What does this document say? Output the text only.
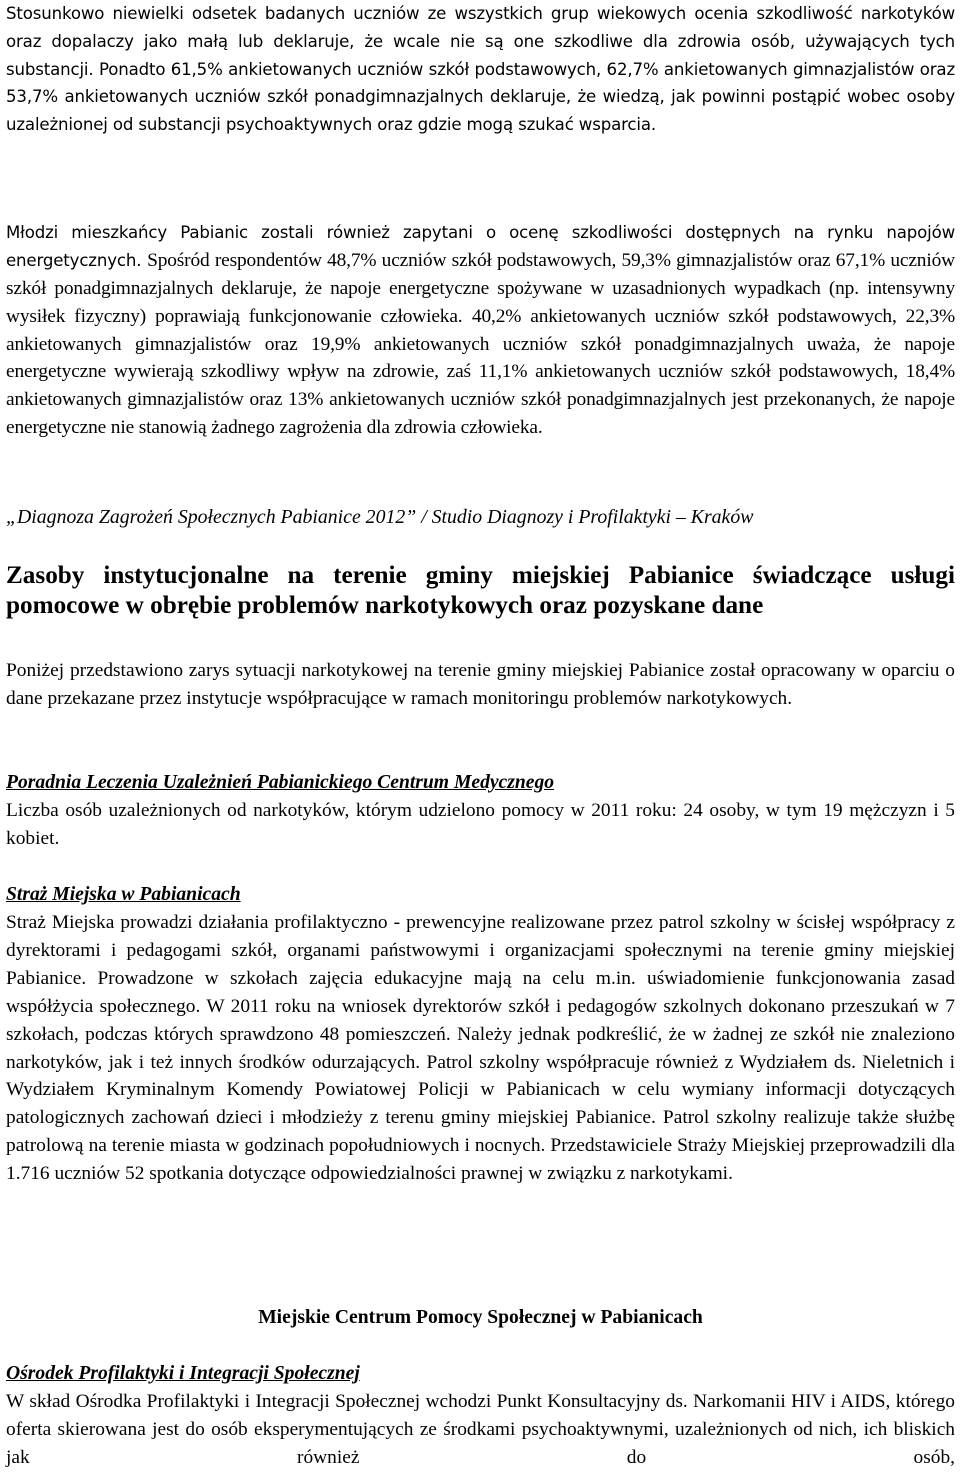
Stosunkowo niewielki odsetek badanych uczniów ze wszystkich grup wiekowych ocenia szkodliwość narkotyków oraz dopalaczy jako małą lub deklaruje, że wcale nie są one szkodliwe dla zdrowia osób, używających tych substancji. Ponadto 61,5% ankietowanych uczniów szkół podstawowych, 62,7% ankietowanych gimnazjalistów oraz 53,7% ankietowanych uczniów szkół ponadgimnazjalnych deklaruje, że wiedzą, jak powinni postąpić wobec osoby uzależnionej od substancji psychoaktywnych oraz gdzie mogą szukać wsparcia.

Młodzi mieszkańcy Pabianic zostali również zapytani o ocenę szkodliwości dostępnych na rynku napojów energetycznych. Spośród respondentów 48,7% uczniów szkół podstawowych, 59,3% gimnazjalistów oraz 67,1% uczniów szkół ponadgimnazjalnych deklaruje, że napoje energetyczne spożywane w uzasadnionych wypadkach (np. intensywny wysiłek fizyczny) poprawiają funkcjonowanie człowieka. 40,2% ankietowanych uczniów szkół podstawowych, 22,3% ankietowanych gimnazjalistów oraz 19,9% ankietowanych uczniów szkół ponadgimnazjalnych uważa, że napoje energetyczne wywierają szkodliwy wpływ na zdrowie, zaś 11,1% ankietowanych uczniów szkół podstawowych, 18,4% ankietowanych gimnazjalistów oraz 13% ankietowanych uczniów szkół ponadgimnazjalnych jest przekonanych, że napoje energetyczne nie stanowią żadnego zagrożenia dla zdrowia człowieka.

„Diagnoza Zagrożeń Społecznych Pabianice 2012” / Studio Diagnozy i Profilaktyki – Kraków

Zasoby instytucjonalne na terenie gminy miejskiej Pabianice świadczące usługi pomocowe w obrębie problemów narkotykowych oraz pozyskane dane

Poniżej przedstawiono zarys sytuacji narkotykowej na terenie gminy miejskiej Pabianice został opracowany w oparciu o dane przekazane przez instytucje współpracujące w ramach monitoringu problemów narkotykowych.

Poradnia Leczenia Uzależnień Pabianickiego Centrum Medycznego

Liczba osób uzależnionych od narkotyków, którym udzielono pomocy w 2011 roku: 24 osoby, w tym 19 mężczyzn i 5 kobiet.

Straż Miejska w Pabianicach

Straż Miejska prowadzi działania profilaktyczno - prewencyjne realizowane przez patrol szkolny w ścisłej współpracy z dyrektorami i pedagogami szkół, organami państwowymi i organizacjami społecznymi na terenie gminy miejskiej Pabianice. Prowadzone w szkołach zajęcia edukacyjne mają na celu m.in. uświadomienie funkcjonowania zasad współżycia społecznego. W 2011 roku na wniosek dyrektorów szkół i pedagogów szkolnych dokonano przeszukań w 7 szkołach, podczas których sprawdzono 48 pomieszczeń. Należy jednak podkreślić, że w żadnej ze szkół nie znaleziono narkotyków, jak i też innych środków odurzających. Patrol szkolny współpracuje również z Wydziałem ds. Nieletnich i Wydziałem Kryminalnym Komendy Powiatowej Policji w Pabianicach w celu wymiany informacji dotyczących patologicznych zachowań dzieci i młodzieży z terenu gminy miejskiej Pabianice. Patrol szkolny realizuje także służbę patrolową na terenie miasta w godzinach popołudniowych i nocnych. Przedstawiciele Straży Miejskiej przeprowadzili dla 1.716 uczniów 52 spotkania dotyczące odpowiedzialności prawnej w związku z narkotykami.

Miejskie Centrum Pomocy Społecznej w Pabianicach
Ośrodek Profilaktyki i Integracji Społecznej

W skład Ośrodka Profilaktyki i Integracji Społecznej wchodzi Punkt Konsultacyjny ds. Narkomanii HIV i AIDS, którego oferta skierowana jest do osób eksperymentujących ze środkami psychoaktywnymi, uzależnionych od nich, ich bliskich jak również do osób,
